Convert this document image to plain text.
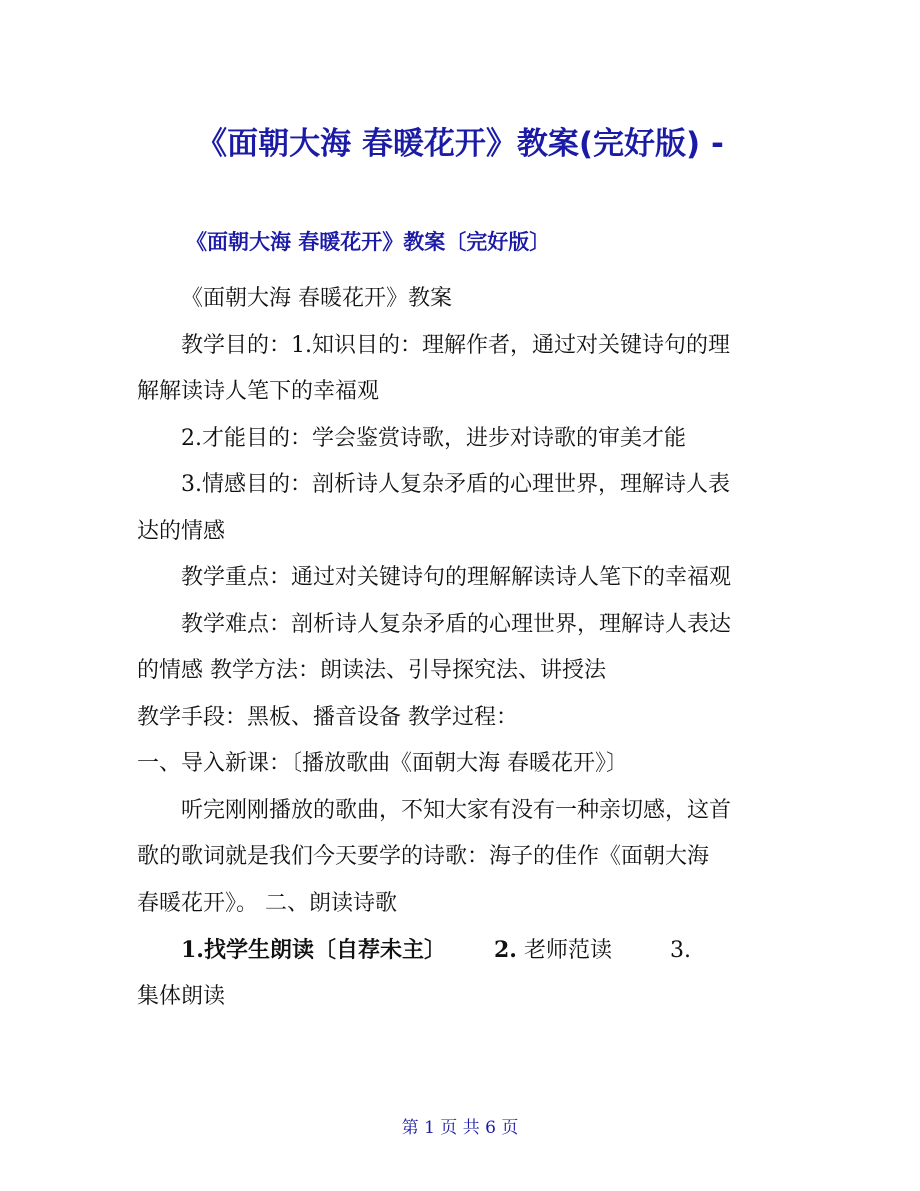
《面朝大海 春暖花开》教案(完好版) -
《面朝大海 春暖花开》教案〔完好版〕
《面朝大海 春暖花开》教案
教学目的：1.知识目的：理解作者，通过对关键诗句的理
解解读诗人笔下的幸福观
2.才能目的：学会鉴赏诗歌，进步对诗歌的审美才能
3.情感目的：剖析诗人复杂矛盾的心理世界，理解诗人表
达的情感
教学重点：通过对关键诗句的理解解读诗人笔下的幸福观
教学难点：剖析诗人复杂矛盾的心理世界，理解诗人表达
的情感 教学方法：朗读法、引导探究法、讲授法
教学手段：黑板、播音设备 教学过程：
一、导入新课：〔播放歌曲《面朝大海 春暖花开》〕
听完刚刚播放的歌曲，不知大家有没有一种亲切感，这首
歌的歌词就是我们今天要学的诗歌：海子的佳作《面朝大海
春暖花开》。 二、朗读诗歌
1.找学生朗读〔自荐未主〕 2. 老师范读	3.
集体朗读
第 1 页 共 6 页
